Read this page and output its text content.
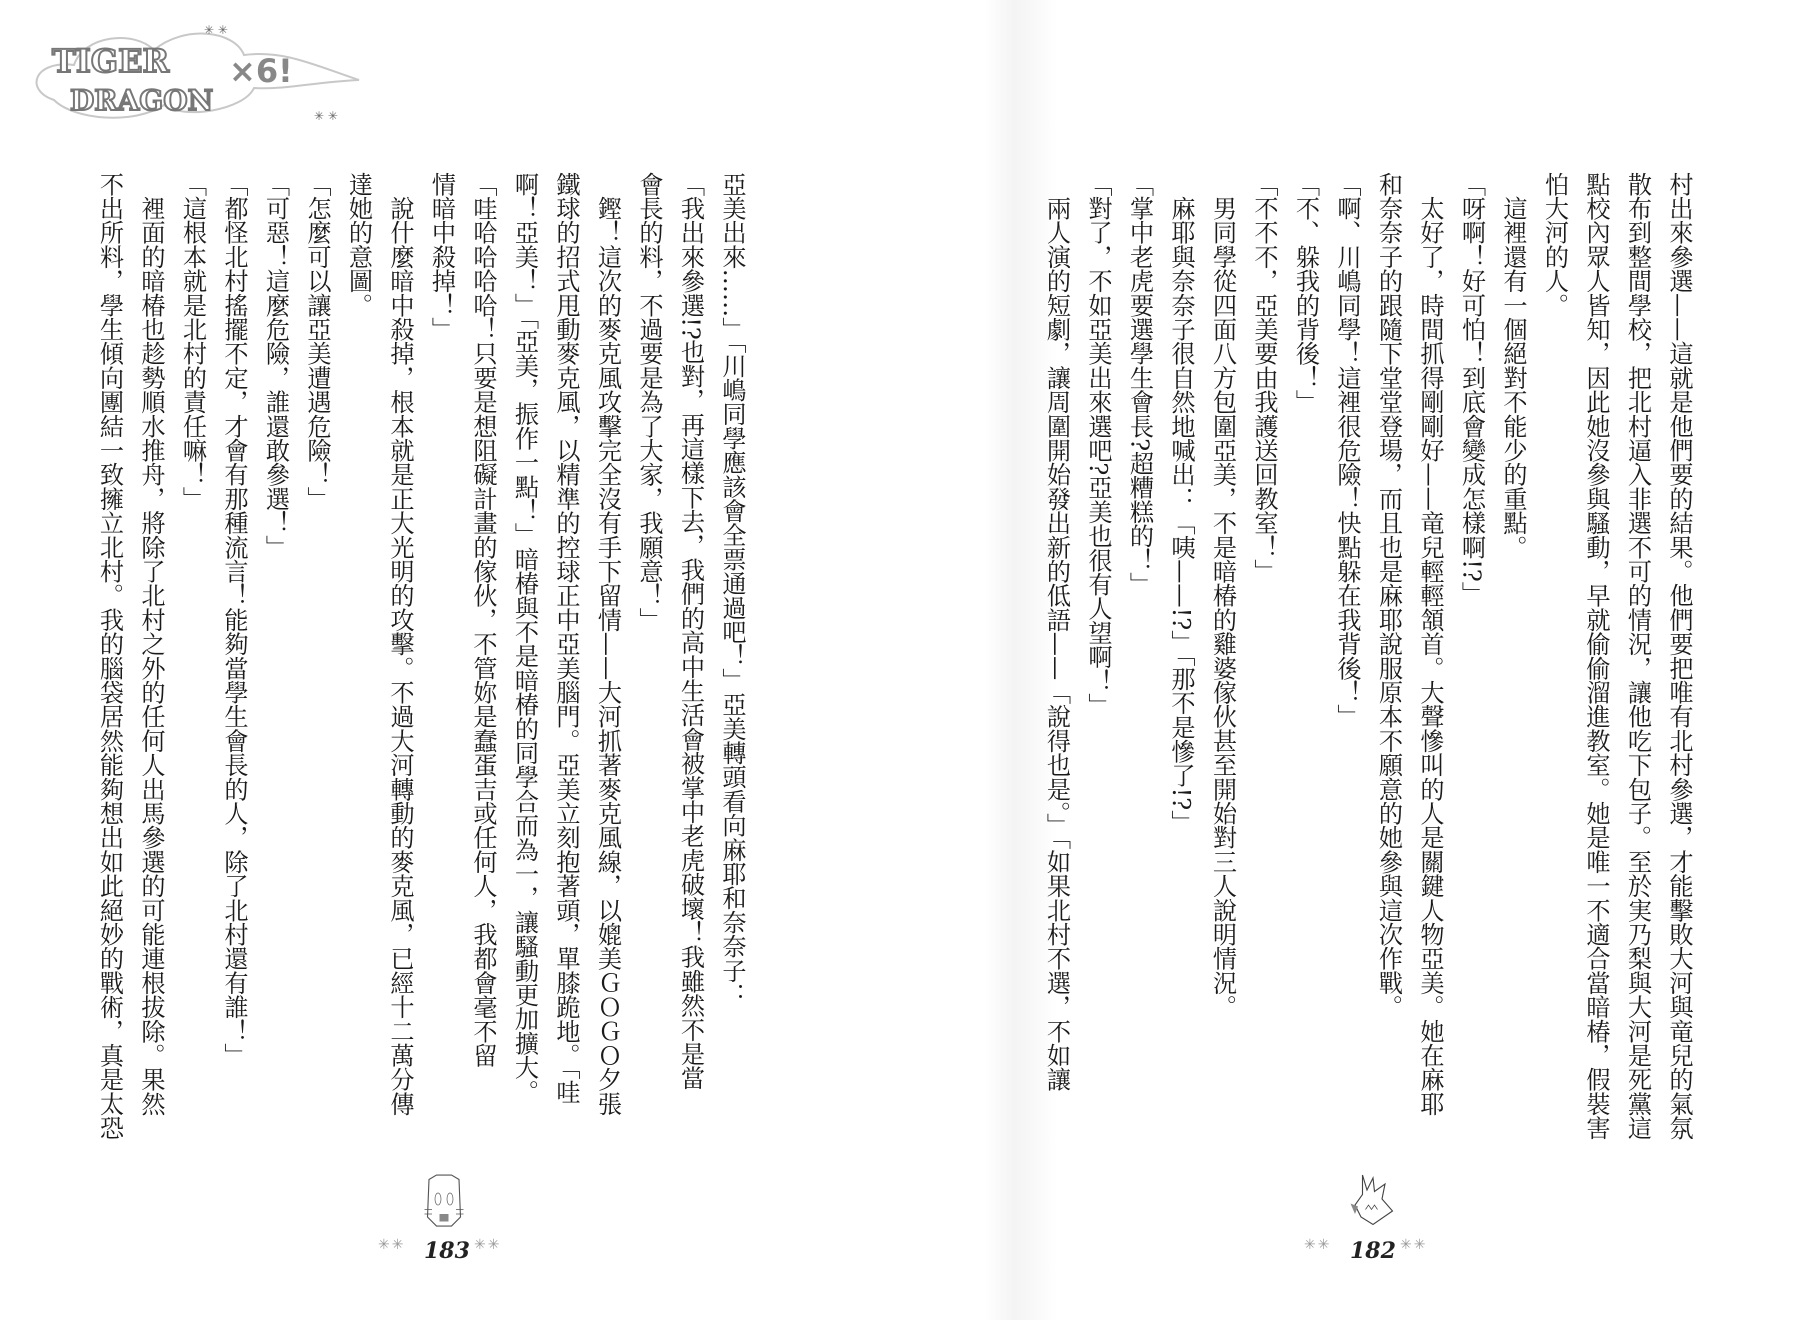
TIGER
DRAGON
×6!
✳ ✳
✳ ✳
村出來參選——這就是他們要的結果。他們要把唯有北村參選，才能擊敗大河與竜兒的氣氛
散布到整間學校，把北村逼入非選不可的情況，讓他吃下包子。至於実乃梨與大河是死黨這
點校內眾人皆知，因此她沒參與騷動，早就偷偷溜進教室。她是唯一不適合當暗椿，假裝害
怕大河的人。
　這裡還有一個絕對不能少的重點。
「呀啊！好可怕！到底會變成怎樣啊!?」
　太好了，時間抓得剛剛好——竜兒輕輕頷首。大聲慘叫的人是關鍵人物亞美。她在麻耶
和奈奈子的跟隨下堂堂登場，而且也是麻耶說服原本不願意的她參與這次作戰。
「啊、川嶋同學！這裡很危險！快點躲在我背後！」
「不、躲我的背後！」
「不不不，亞美要由我護送回教室！」
　男同學從四面八方包圍亞美，不是暗椿的雞婆傢伙甚至開始對三人說明情況。
　麻耶與奈奈子很自然地喊出：「咦——!?」「那不是慘了!?」
「掌中老虎要選學生會長?超糟糕的！」
「對了，不如亞美出來選吧?亞美也很有人望啊！」
　兩人演的短劇，讓周圍開始發出新的低語——「說得也是。」「如果北村不選，不如讓
亞美出來……」「川嶋同學應該會全票通過吧！」亞美轉頭看向麻耶和奈奈子：
「我出來參選!?也對，再這樣下去，我們的高中生活會被掌中老虎破壞！我雖然不是當
會長的料，不過要是為了大家，我願意！」
　鏗！這次的麥克風攻擊完全沒有手下留情——大河抓著麥克風線，以媲美ＧＯＧＯ夕張
鐵球的招式甩動麥克風，以精準的控球正中亞美腦門。亞美立刻抱著頭，單膝跪地。「哇
啊！亞美！」「亞美，振作一點！」暗椿與不是暗椿的同學合而為一，讓騷動更加擴大。
「哇哈哈哈哈！只要是想阻礙計畫的傢伙，不管妳是蠢蛋吉或任何人，我都會毫不留
情暗中殺掉！」
　說什麼暗中殺掉，根本就是正大光明的攻擊。不過大河轉動的麥克風，已經十二萬分傳
達她的意圖。
「怎麼可以讓亞美遭遇危險！」
「可惡！這麼危險，誰還敢參選！」
「都怪北村搖擺不定，才會有那種流言！能夠當學生會長的人，除了北村還有誰！」
「這根本就是北村的責任嘛！」
　裡面的暗椿也趁勢順水推舟，將除了北村之外的任何人出馬參選的可能連根拔除。果然
不出所料，學生傾向團結一致擁立北村。我的腦袋居然能夠想出如此絕妙的戰術，真是太恐
✳✳ 183 ✳✳	✳✳ 182 ✳✳
